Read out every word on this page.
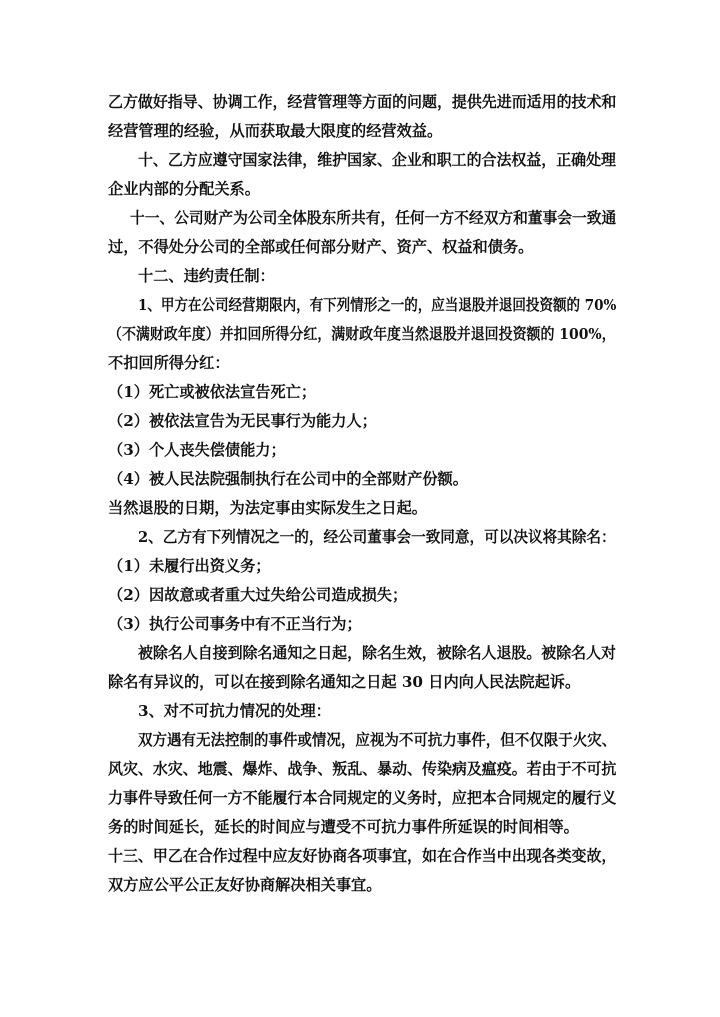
乙方做好指导、协调工作，经营管理等方面的问题，提供先进而适用的技术和
经营管理的经验，从而获取最大限度的经营效益。
十、乙方应遵守国家法律，维护国家、企业和职工的合法权益，正确处理
企业内部的分配关系。
十一、公司财产为公司全体股东所共有，任何一方不经双方和董事会一致通
过，不得处分公司的全部或任何部分财产、资产、权益和债务。
十二、违约责任制：
1、甲方在公司经营期限内，有下列情形之一的，应当退股并退回投资额的 70%
（不满财政年度）并扣回所得分红，满财政年度当然退股并退回投资额的 100%，
不扣回所得分红：
（1）死亡或被依法宣告死亡；
（2）被依法宣告为无民事行为能力人；
（3）个人丧失偿债能力；
（4）被人民法院强制执行在公司中的全部财产份额。
当然退股的日期，为法定事由实际发生之日起。
2、乙方有下列情况之一的，经公司董事会一致同意，可以决议将其除名：
（1）未履行出资义务；
（2）因故意或者重大过失给公司造成损失；
（3）执行公司事务中有不正当行为；
被除名人自接到除名通知之日起，除名生效，被除名人退股。被除名人对
除名有异议的，可以在接到除名通知之日起 30 日内向人民法院起诉。
3、对不可抗力情况的处理：
双方遇有无法控制的事件或情况，应视为不可抗力事件，但不仅限于火灾、
风灾、水灾、地震、爆炸、战争、叛乱、暴动、传染病及瘟疫。若由于不可抗
力事件导致任何一方不能履行本合同规定的义务时，应把本合同规定的履行义
务的时间延长，延长的时间应与遭受不可抗力事件所延误的时间相等。
十三、甲乙在合作过程中应友好协商各项事宜，如在合作当中出现各类变故，
双方应公平公正友好协商解决相关事宜。
